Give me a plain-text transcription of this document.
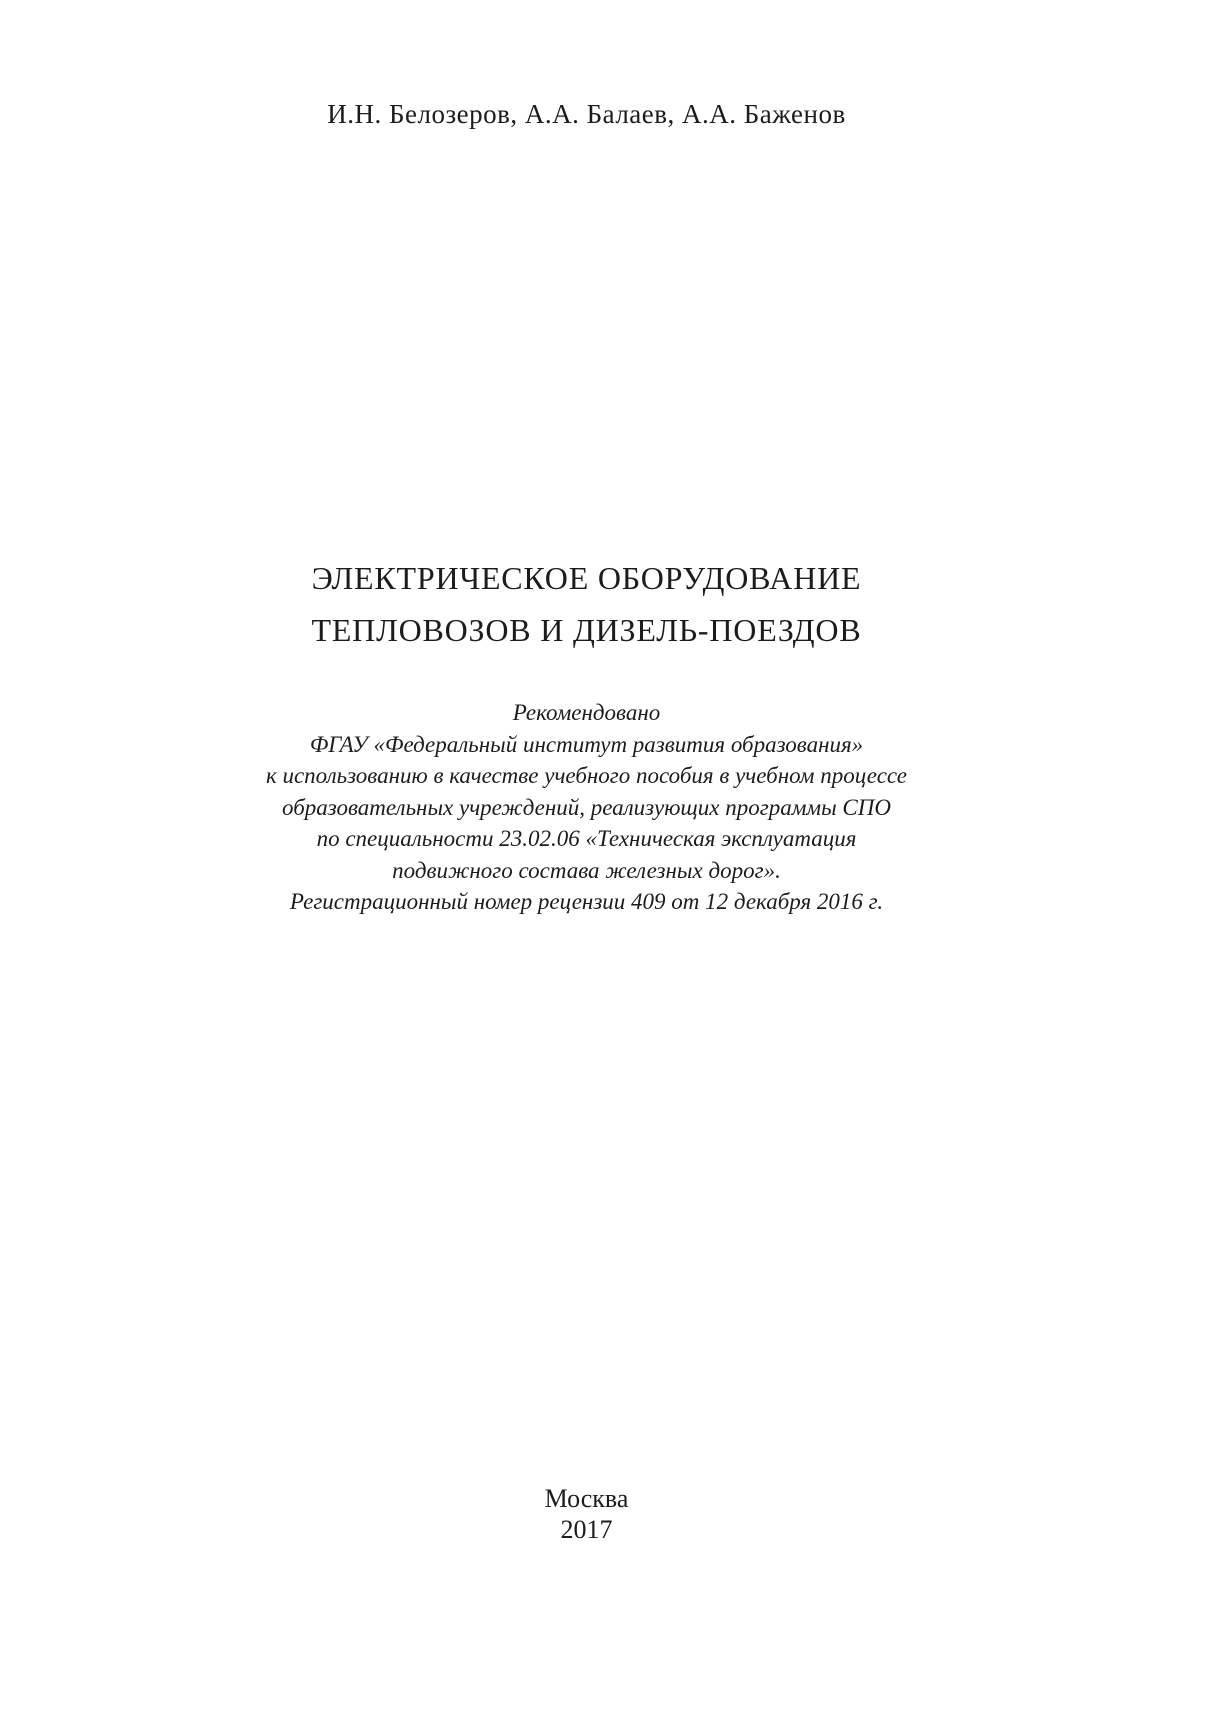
И.Н. Белозеров, А.А. Балаев, А.А. Баженов
ЭЛЕКТРИЧЕСКОЕ ОБОРУДОВАНИЕ
ТЕПЛОВОЗОВ И ДИЗЕЛЬ-ПОЕЗДОВ
Рекомендовано
ФГАУ «Федеральный институт развития образования»
к использованию в качестве учебного пособия в учебном процессе
образовательных учреждений, реализующих программы СПО
по специальности 23.02.06 «Техническая эксплуатация
подвижного состава железных дорог».
Регистрационный номер рецензии 409 от 12 декабря 2016 г.
Москва
2017
